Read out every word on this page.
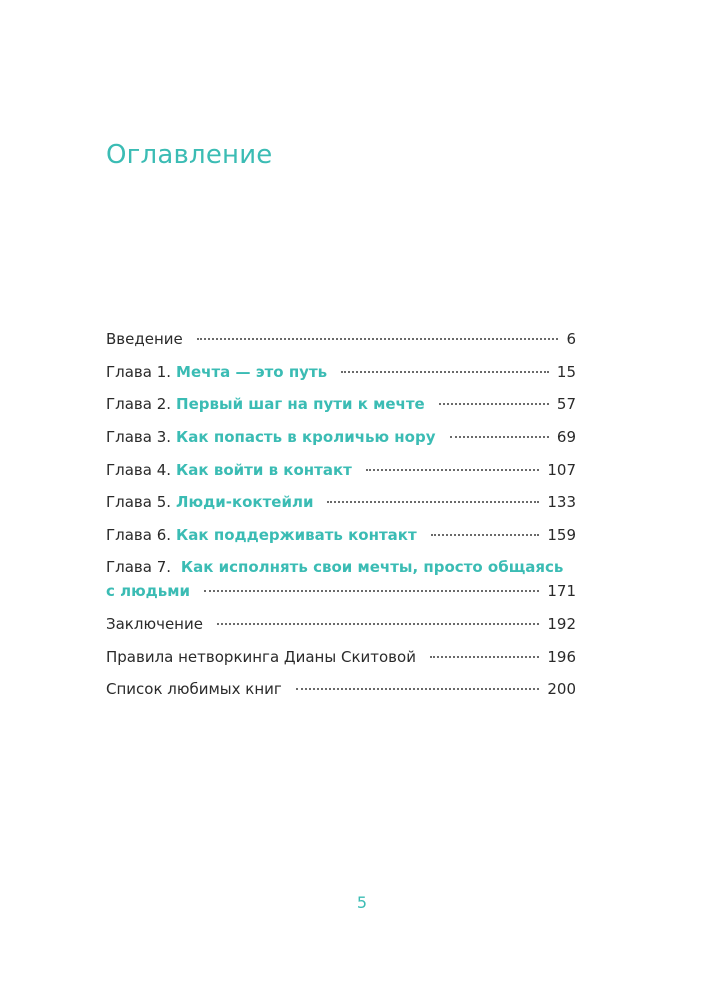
Оглавление
Введение	6
Глава 1. Мечта — это путь	15
Глава 2. Первый шаг на пути к мечте	57
Глава 3. Как попасть в кроличью нору	69
Глава 4. Как войти в контакт	107
Глава 5. Люди-коктейли	133
Глава 6. Как поддерживать контакт	159
Глава 7. Как исполнять свои мечты, просто общаясь
с людьми	171
Заключение	192
Правила нетворкинга Дианы Скитовой	196
Список любимых книг	200
5
